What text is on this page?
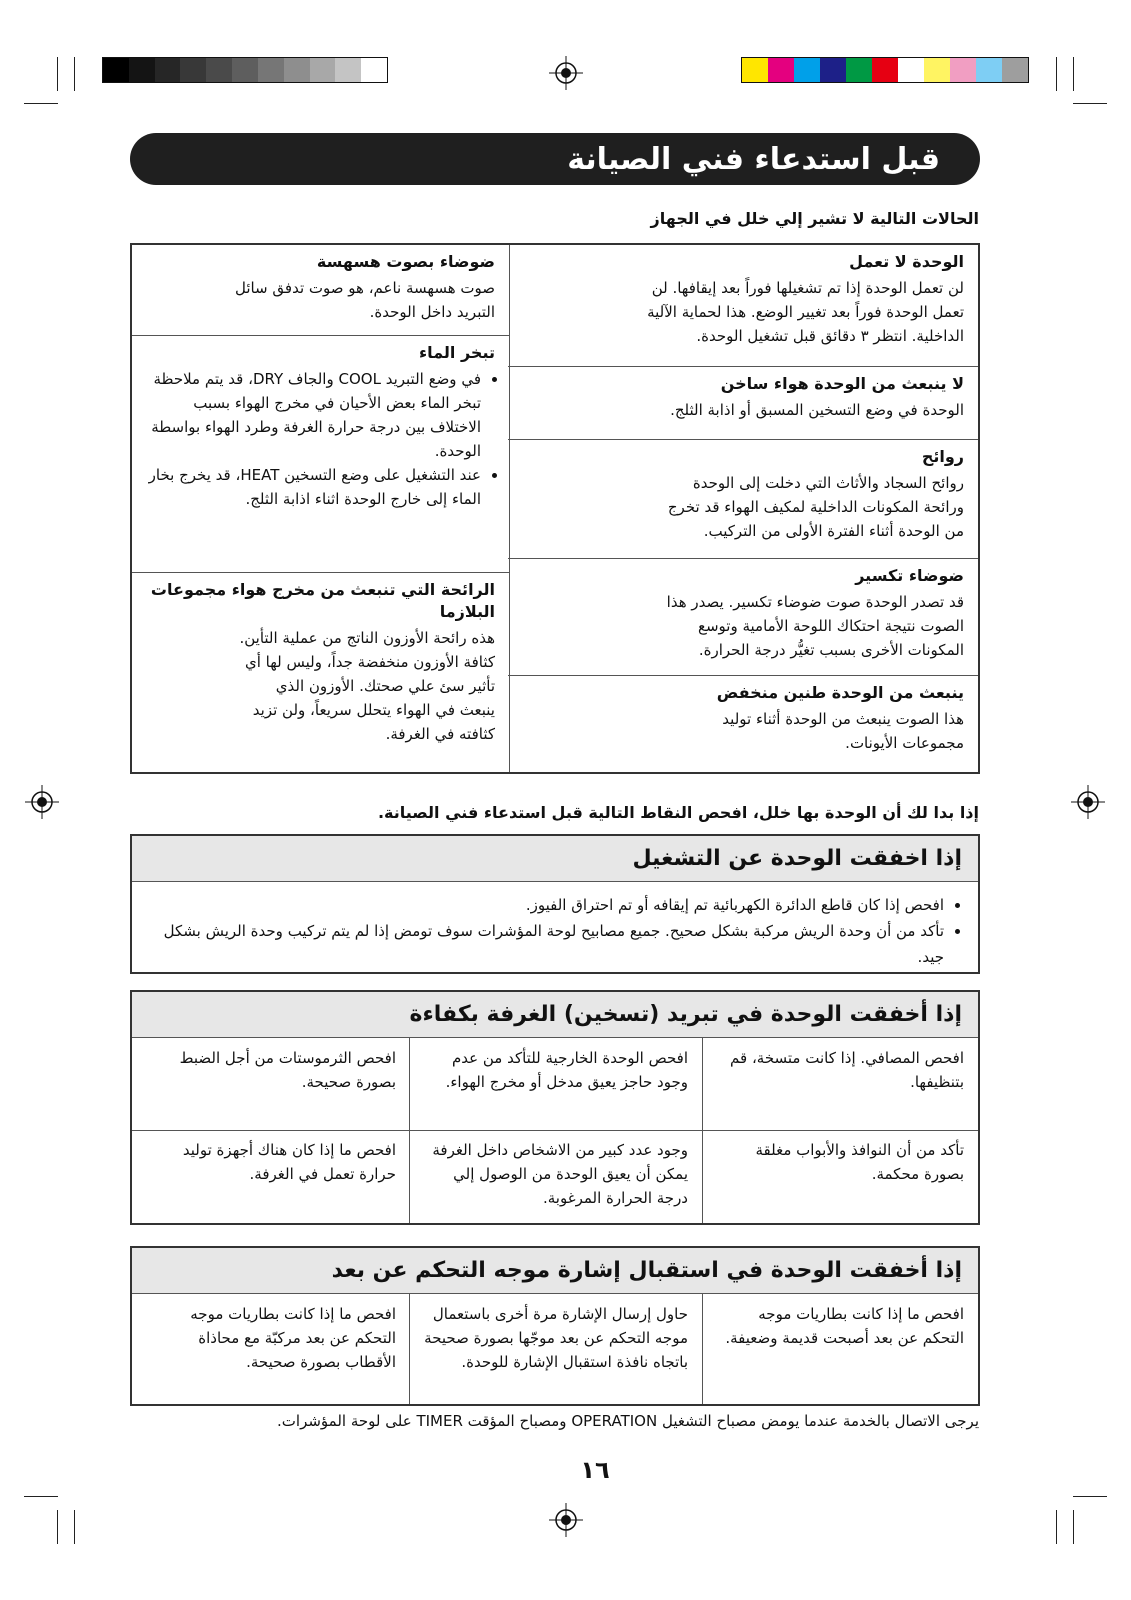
قبل استدعاء فني الصيانة
الحالات التالية لا تشير إلي خلل في الجهاز
الوحدة لا تعمل

لن تعمل الوحدة إذا تم تشغيلها فوراً بعد إيقافها. لن

تعمل الوحدة فوراً بعد تغيير الوضع. هذا لحماية الآلية

الداخلية. انتظر ٣ دقائق قبل تشغيل الوحدة.

لا ينبعث من الوحدة هواء ساخن

الوحدة في وضع التسخين المسبق أو اذابة الثلج.

روائح

روائح السجاد والأثاث التي دخلت إلى الوحدة

ورائحة المكونات الداخلية لمكيف الهواء قد تخرج

من الوحدة أثناء الفترة الأولى من التركيب.

ضوضاء تكسير

قد تصدر الوحدة صوت ضوضاء تكسير. يصدر هذا

الصوت نتيجة احتكاك اللوحة الأمامية وتوسع

المكونات الأخرى بسبب تغيُّر درجة الحرارة.

ينبعث من الوحدة طنين منخفض

هذا الصوت ينبعث من الوحدة أثناء توليد

مجموعات الأيونات.

ضوضاء بصوت هسهسة

صوت هسهسة ناعم، هو صوت تدفق سائل

التبريد داخل الوحدة.

تبخر الماء
• في وضع التبريد COOL والجاف DRY، قد يتم ملاحظة تبخر الماء بعض الأحيان في مخرج الهواء بسبب الاختلاف بين درجة حرارة الغرفة وطرد الهواء بواسطة الوحدة.
• عند التشغيل على وضع التسخين HEAT، قد يخرج بخار الماء إلى خارج الوحدة اثناء اذابة الثلج.
الرائحة التي تنبعث من مخرج هواء مجموعات البلازما

هذه رائحة الأوزون الناتج من عملية التأين.

كثافة الأوزون منخفضة جداً، وليس لها أي

تأثير سئ علي صحتك. الأوزون الذي

ينبعث في الهواء يتحلل سريعاً، ولن تزيد

كثافته في الغرفة.

إذا بدا لك أن الوحدة بها خلل، افحص النقاط التالية قبل استدعاء فني الصيانة.
إذا اخفقت الوحدة عن التشغيل
• افحص إذا كان قاطع الدائرة الكهربائية تم إيقافه أو تم احتراق الفيوز.
• تأكد من أن وحدة الريش مركبة بشكل صحيح. جميع مصابيح لوحة المؤشرات سوف تومض إذا لم يتم تركيب وحدة الريش بشكل جيد.
إذا أخفقت الوحدة في تبريد (تسخين) الغرفة بكفاءة

افحص المصافي. إذا كانت متسخة، قم بتنظيفها.

افحص الوحدة الخارجية للتأكد من عدم وجود حاجز يعيق مدخل أو مخرج الهواء.

افحص الثرموستات من أجل الضبط بصورة صحيحة.

تأكد من أن النوافذ والأبواب مغلقة بصورة محكمة.

وجود عدد كبير من الاشخاص داخل الغرفة يمكن أن يعيق الوحدة من الوصول إلي درجة الحرارة المرغوبة.

افحص ما إذا كان هناك أجهزة توليد حرارة تعمل في الغرفة.

إذا أخفقت الوحدة في استقبال إشارة موجه التحكم عن بعد

افحص ما إذا كانت بطاريات موجه التحكم عن بعد أصبحت قديمة وضعيفة.

حاول إرسال الإشارة مرة أخرى باستعمال موجه التحكم عن بعد موجّها بصورة صحيحة باتجاه نافذة استقبال الإشارة للوحدة.

افحص ما إذا كانت بطاريات موجه التحكم عن بعد مركبّة مع محاذاة الأقطاب بصورة صحيحة.

يرجى الاتصال بالخدمة عندما يومض مصباح التشغيل OPERATION ومصباح المؤقت TIMER على لوحة المؤشرات.
١٦
